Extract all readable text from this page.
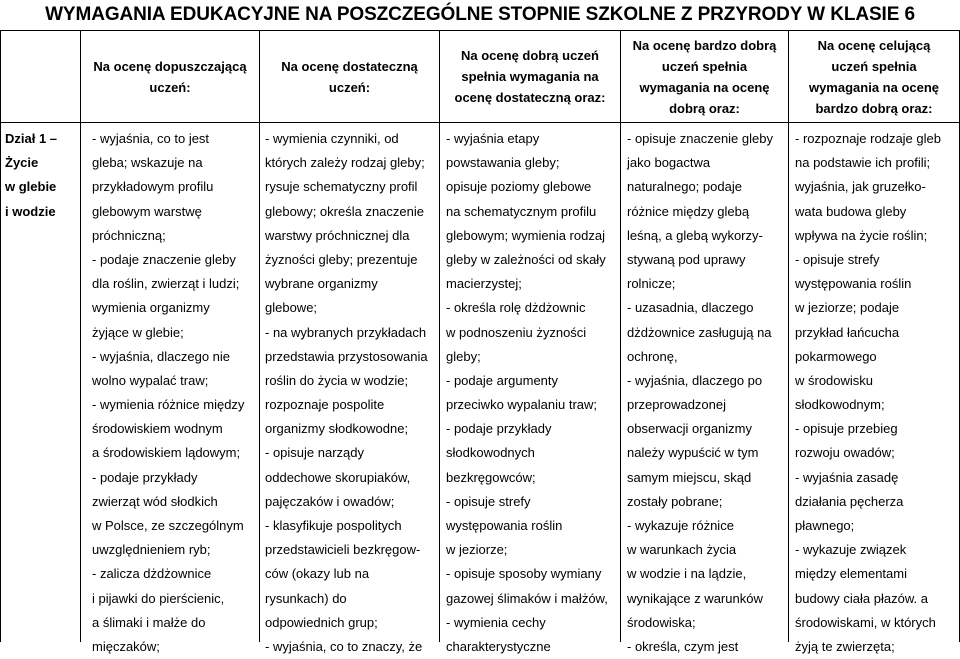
WYMAGANIA EDUKACYJNE NA POSZCZEGÓLNE STOPNIE SZKOLNE Z PRZYRODY W KLASIE 6
Na ocenę dopuszczającą
uczeń:
Na ocenę dostateczną
uczeń:
Na ocenę dobrą uczeń
spełnia wymagania na
ocenę dostateczną oraz:
Na ocenę bardzo dobrą
uczeń spełnia
wymagania na ocenę
dobrą oraz:
Na ocenę celującą
uczeń spełnia
wymagania na ocenę
bardzo dobrą oraz:
Dział 1 –
Życie
w glebie
i wodzie
- wyjaśnia, co to jest
gleba; wskazuje na
przykładowym profilu
glebowym warstwę
próchniczną;
- podaje znaczenie gleby
dla roślin, zwierząt i ludzi;
wymienia organizmy
żyjące w glebie;
- wyjaśnia, dlaczego nie
wolno wypalać traw;
- wymienia różnice między
środowiskiem wodnym
a środowiskiem lądowym;
- podaje przykłady
zwierząt wód słodkich
w Polsce, ze szczególnym
uwzględnieniem ryb;
- zalicza dżdżownice
i pijawki do pierścienic,
a ślimaki i małże do
mięczaków;
- wymienia czynniki, od
których zależy rodzaj gleby;
rysuje schematyczny profil
glebowy; określa znaczenie
warstwy próchnicznej dla
żyzności gleby; prezentuje
wybrane organizmy
glebowe;
- na wybranych przykładach
przedstawia przystosowania
roślin do życia w wodzie;
rozpoznaje pospolite
organizmy słodkowodne;
- opisuje narządy
oddechowe skorupiaków,
pajęczaków i owadów;
- klasyfikuje pospolitych
przedstawicieli bezkręgow-
ców (okazy lub na
rysunkach) do
odpowiednich grup;
- wyjaśnia, co to znaczy, że
- wyjaśnia etapy
powstawania gleby;
opisuje poziomy glebowe
na schematycznym profilu
glebowym; wymienia rodzaj
gleby w zależności od skały
macierzystej;
- określa rolę dżdżownic
w podnoszeniu żyzności
gleby;
- podaje argumenty
przeciwko wypalaniu traw;
- podaje przykłady
słodkowodnych
bezkręgowców;
- opisuje strefy
występowania roślin
w jeziorze;
- opisuje sposoby wymiany
gazowej ślimaków i małżów,
- wymienia cechy
charakterystyczne
- opisuje znaczenie gleby
jako bogactwa
naturalnego; podaje
różnice między glebą
leśną, a glebą wykorzy-
stywaną pod uprawy
rolnicze;
- uzasadnia, dlaczego
dżdżownice zasługują na
ochronę,
- wyjaśnia, dlaczego po
przeprowadzonej
obserwacji organizmy
należy wypuścić w tym
samym miejscu, skąd
zostały pobrane;
- wykazuje różnice
w warunkach życia
w wodzie i na lądzie,
wynikające z warunków
środowiska;
- określa, czym jest
- rozpoznaje rodzaje gleb
na podstawie ich profili;
wyjaśnia, jak gruzełko-
wata budowa gleby
wpływa na życie roślin;
- opisuje strefy
występowania roślin
w jeziorze; podaje
przykład łańcucha
pokarmowego
w środowisku
słodkowodnym;
- opisuje przebieg
rozwoju owadów;
- wyjaśnia zasadę
działania pęcherza
pławnego;
- wykazuje związek
między elementami
budowy ciała płazów. a
środowiskami, w których
żyją te zwierzęta;
